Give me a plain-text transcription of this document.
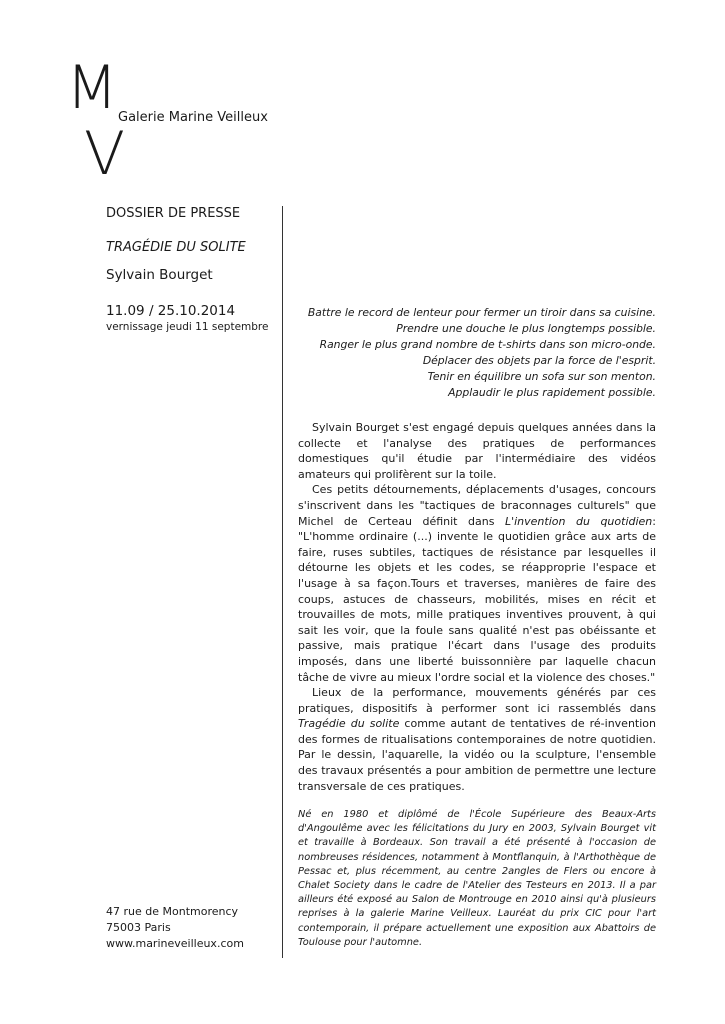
M
V
Galerie Marine Veilleux
DOSSIER DE PRESSE
TRAGÉDIE DU SOLITE
Sylvain Bourget
11.09 / 25.10.2014
vernissage jeudi 11 septembre
Battre le record de lenteur pour fermer un tiroir dans sa cuisine.
Prendre une douche le plus longtemps possible.
Ranger le plus grand nombre de t-shirts dans son micro-onde.
Déplacer des objets par la force de l'esprit.
Tenir en équilibre un sofa sur son menton.
Applaudir le plus rapidement possible.

Sylvain Bourget s'est engagé depuis quelques années dans la collecte et l'analyse des pratiques de performances domestiques qu'il étudie par l'intermédiaire des vidéos amateurs qui prolifèrent sur la toile.

Ces petits détournements, déplacements d'usages, concours s'inscrivent dans les "tactiques de braconnages culturels" que Michel de Certeau définit dans L'invention du quotidien: "L'homme ordinaire (...) invente le quotidien grâce aux arts de faire, ruses subtiles, tactiques de résistance par lesquelles il détourne les objets et les codes, se réapproprie l'espace et l'usage à sa façon.Tours et traverses, manières de faire des coups, astuces de chasseurs, mobilités, mises en récit et trouvailles de mots, mille pratiques inventives prouvent, à qui sait les voir, que la foule sans qualité n'est pas obéissante et passive, mais pratique l'écart dans l'usage des produits imposés, dans une liberté buissonnière par laquelle chacun tâche de vivre au mieux l'ordre social et la violence des choses."

Lieux de la performance, mouvements générés par ces pratiques, dispositifs à performer sont ici rassemblés dans Tragédie du solite comme autant de tentatives de ré-invention des formes de ritualisations contemporaines de notre quotidien. Par le dessin, l'aquarelle, la vidéo ou la sculpture, l'ensemble des travaux présentés a pour ambition de permettre une lecture transversale de ces pratiques.

Né en 1980 et diplômé de l'École Supérieure des Beaux-Arts d'Angoulême avec les félicitations du Jury en 2003, Sylvain Bourget vit et travaille à Bordeaux. Son travail a été présenté à l'occasion de nombreuses résidences, notamment à Montflanquin, à l'Arthothèque de Pessac et, plus récemment, au centre 2angles de Flers ou encore à Chalet Society dans le cadre de l'Atelier des Testeurs en 2013. Il a par ailleurs été exposé au Salon de Montrouge en 2010 ainsi qu'à plusieurs reprises à la galerie Marine Veilleux. Lauréat du prix CIC pour l'art contemporain, il prépare actuellement une exposition aux Abattoirs de Toulouse pour l'automne.
47 rue de Montmorency
75003 Paris
www.marineveilleux.com
